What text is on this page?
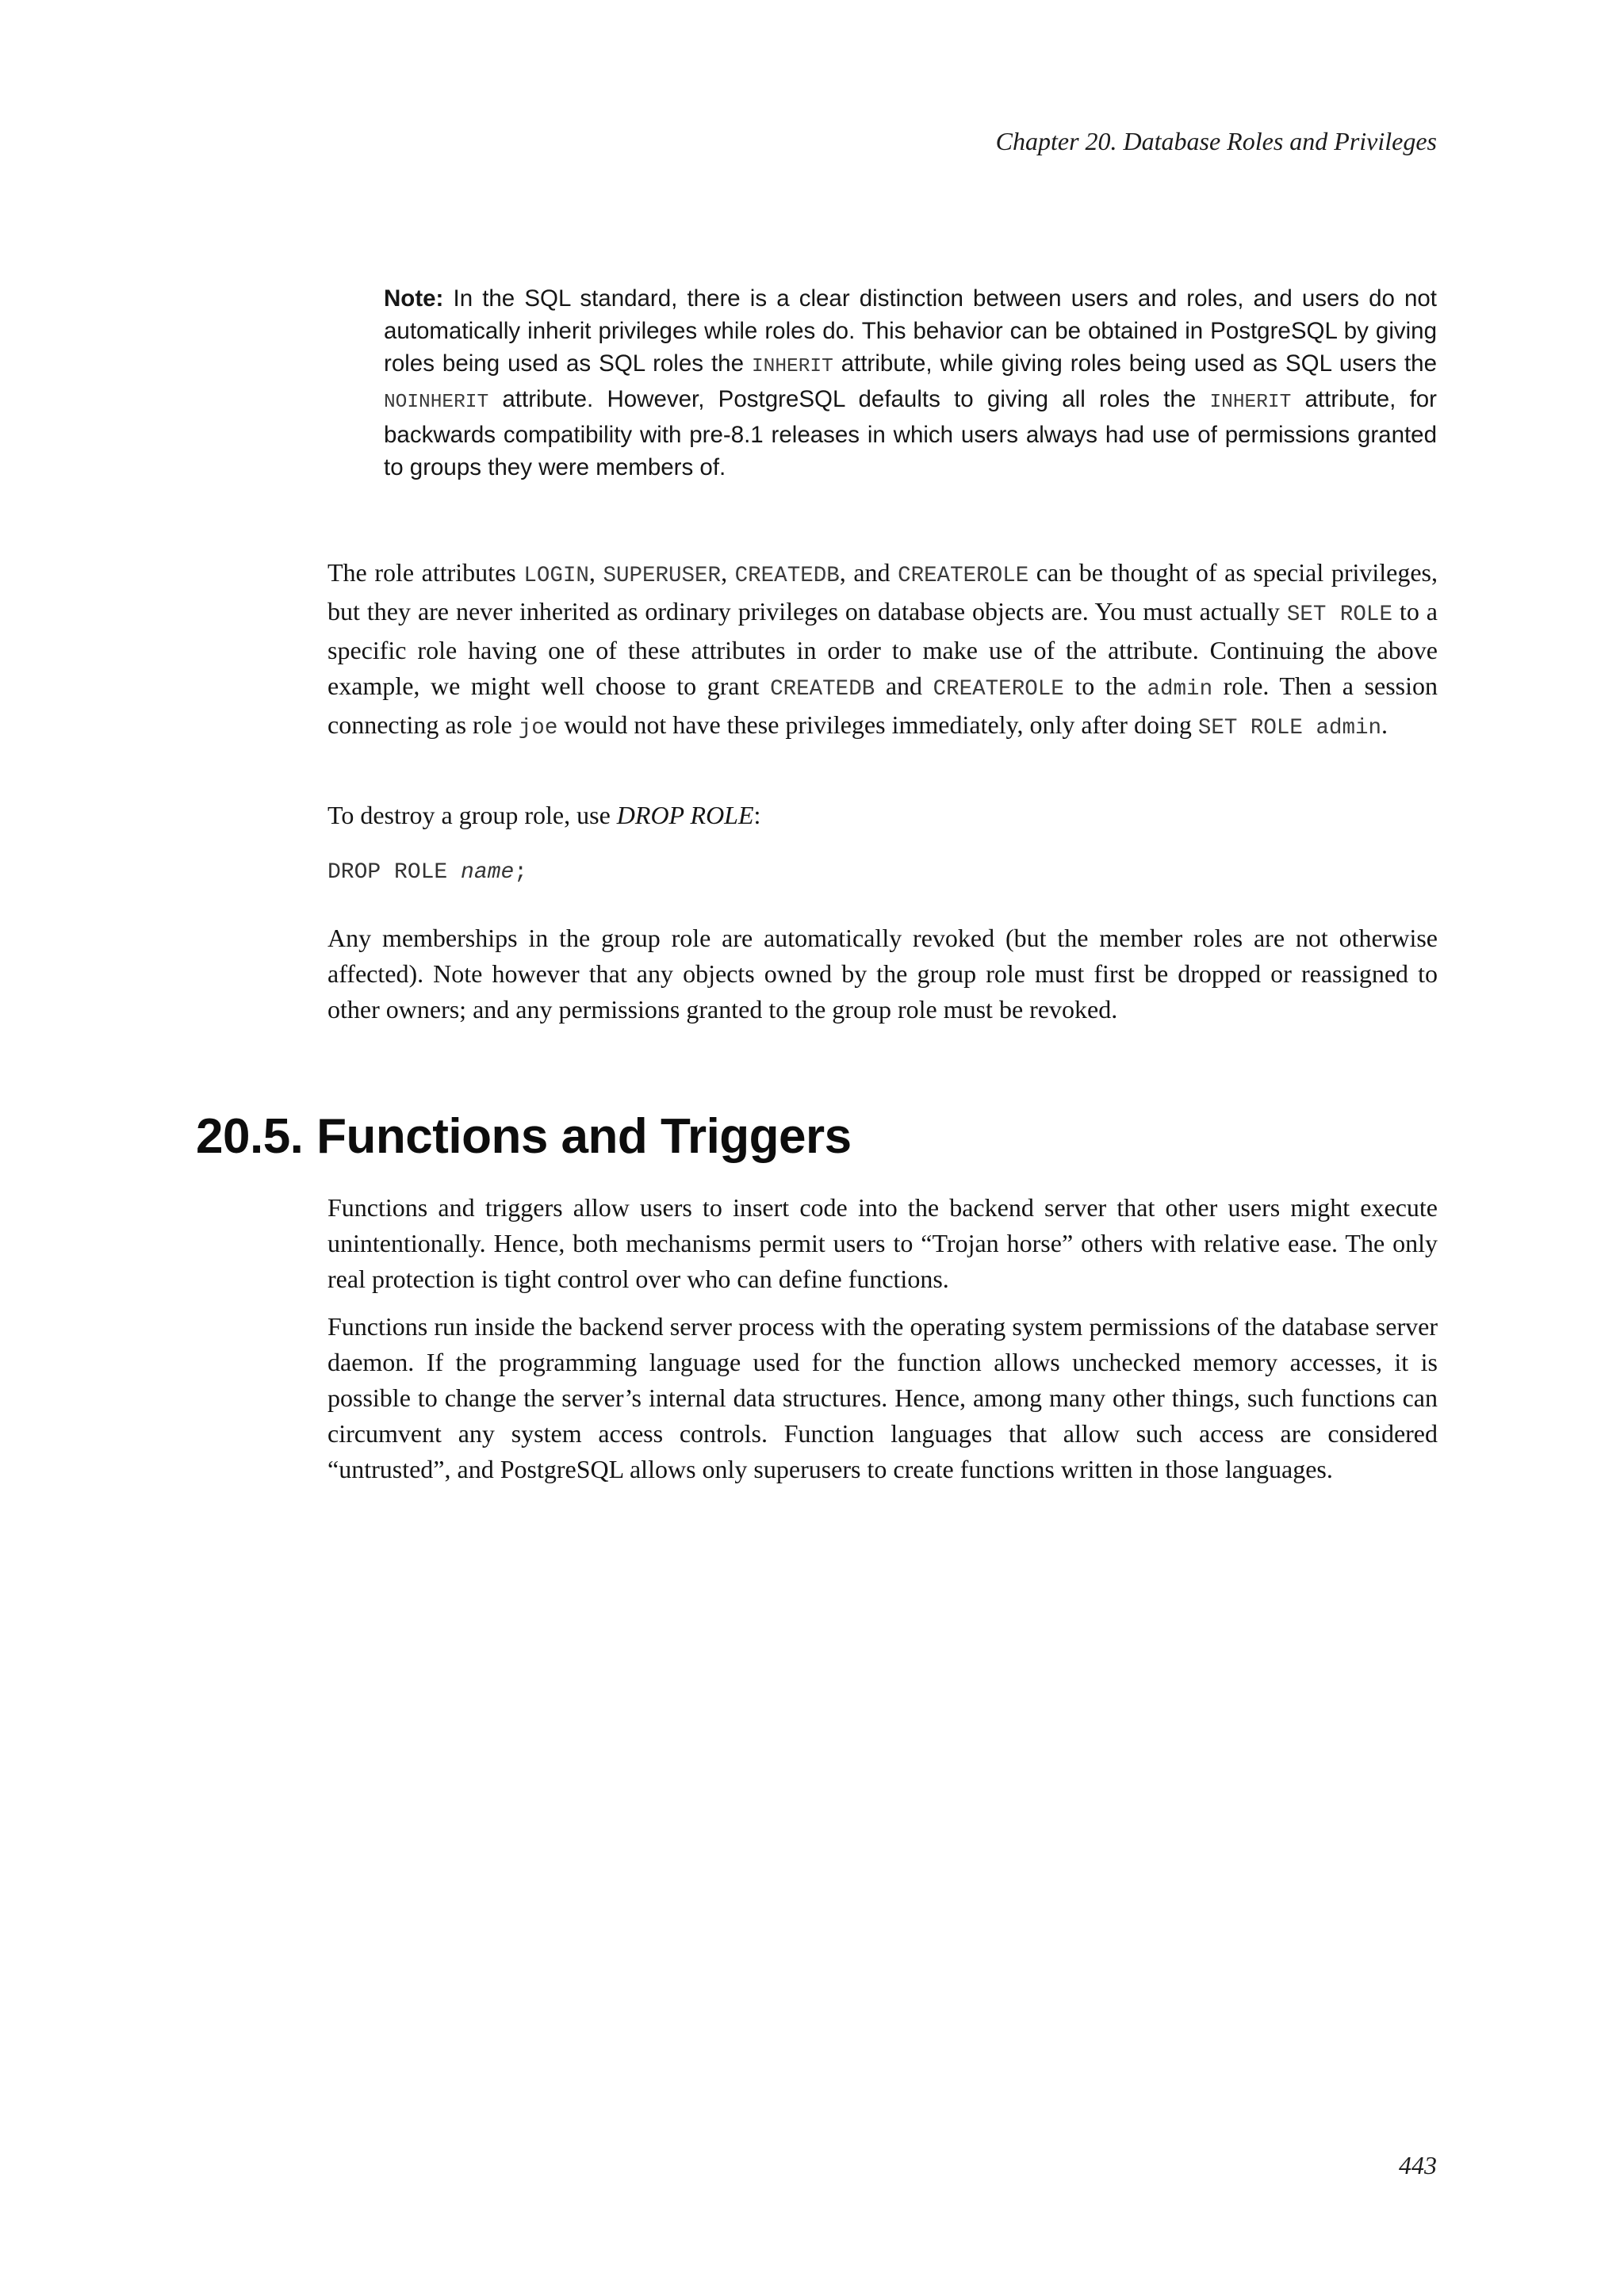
Chapter 20. Database Roles and Privileges
Note: In the SQL standard, there is a clear distinction between users and roles, and users do not automatically inherit privileges while roles do. This behavior can be obtained in PostgreSQL by giving roles being used as SQL roles the INHERIT attribute, while giving roles being used as SQL users the NOINHERIT attribute. However, PostgreSQL defaults to giving all roles the INHERIT attribute, for backwards compatibility with pre-8.1 releases in which users always had use of permissions granted to groups they were members of.
The role attributes LOGIN, SUPERUSER, CREATEDB, and CREATEROLE can be thought of as special privileges, but they are never inherited as ordinary privileges on database objects are. You must actually SET ROLE to a specific role having one of these attributes in order to make use of the attribute. Continuing the above example, we might well choose to grant CREATEDB and CREATEROLE to the admin role. Then a session connecting as role joe would not have these privileges immediately, only after doing SET ROLE admin.
To destroy a group role, use DROP ROLE:
DROP ROLE name;
Any memberships in the group role are automatically revoked (but the member roles are not otherwise affected). Note however that any objects owned by the group role must first be dropped or reassigned to other owners; and any permissions granted to the group role must be revoked.
20.5. Functions and Triggers
Functions and triggers allow users to insert code into the backend server that other users might execute unintentionally. Hence, both mechanisms permit users to “Trojan horse” others with relative ease. The only real protection is tight control over who can define functions.
Functions run inside the backend server process with the operating system permissions of the database server daemon. If the programming language used for the function allows unchecked memory accesses, it is possible to change the server’s internal data structures. Hence, among many other things, such functions can circumvent any system access controls. Function languages that allow such access are considered “untrusted”, and PostgreSQL allows only superusers to create functions written in those languages.
443
